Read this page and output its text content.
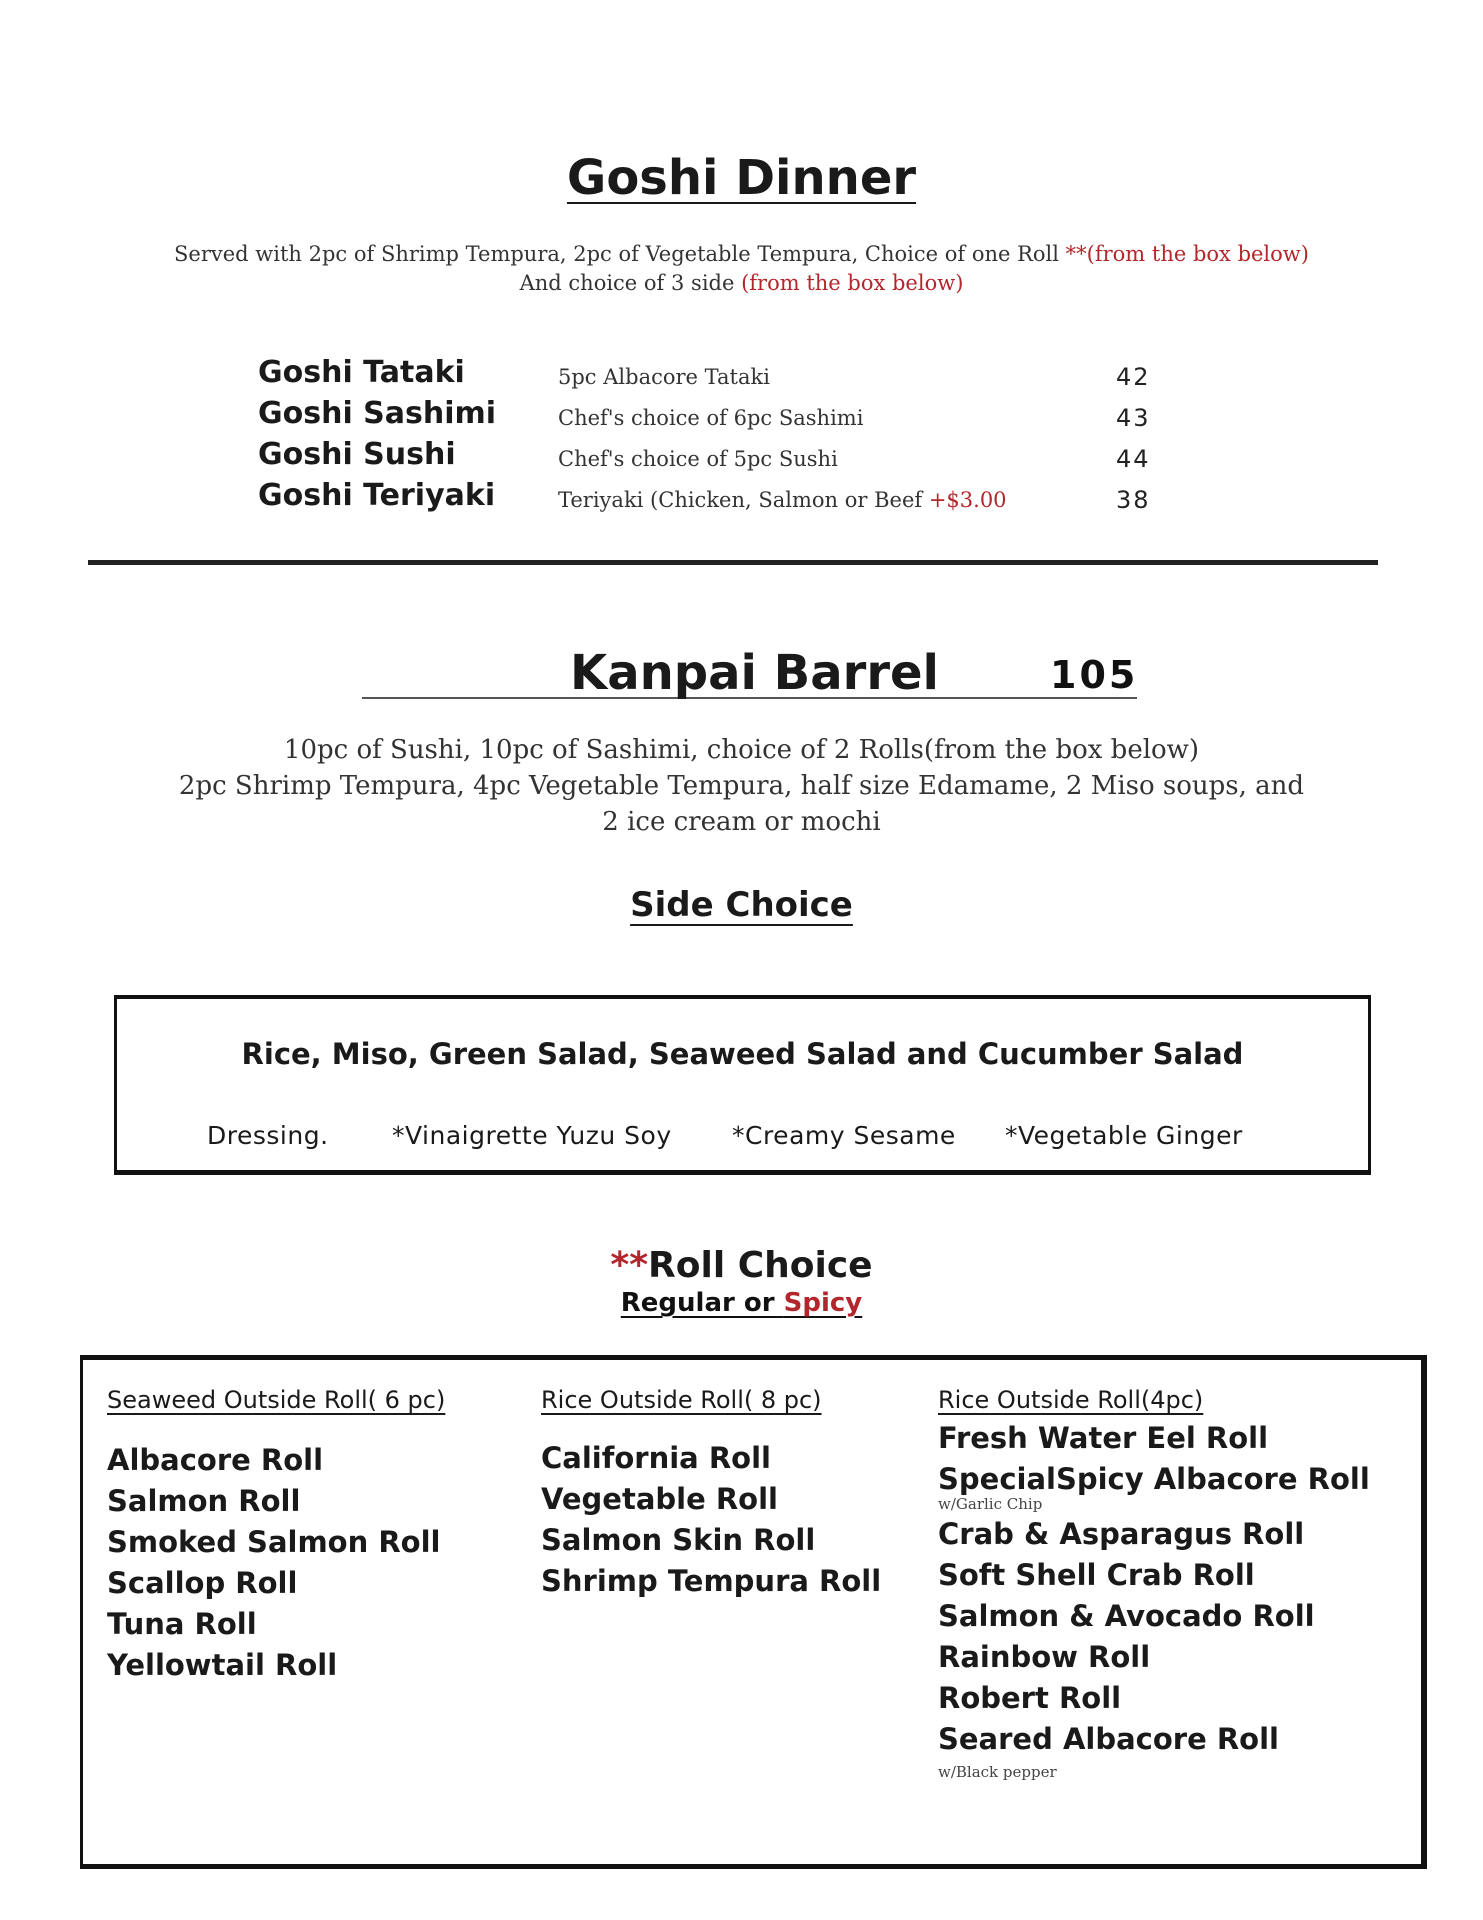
Goshi Dinner
Served with 2pc of Shrimp Tempura, 2pc of Vegetable Tempura, Choice of one Roll **(from the box below)
And choice of 3 side (from the box below)
Goshi Tataki	5pc Albacore Tataki	42
Goshi Sashimi	Chef's choice of 6pc Sashimi	43
Goshi Sushi	Chef's choice of 5pc Sushi	44
Goshi Teriyaki	Teriyaki (Chicken, Salmon or Beef +$3.00	38
Kanpai Barrel	105
10pc of Sushi, 10pc of Sashimi, choice of 2 Rolls(from the box below)
2pc Shrimp Tempura, 4pc Vegetable Tempura, half size Edamame, 2 Miso soups, and
2 ice cream or mochi
Side Choice
Rice, Miso, Green Salad, Seaweed Salad and Cucumber Salad
Dressing.	*Vinaigrette Yuzu Soy *Creamy Sesame *Vegetable Ginger
**Roll Choice
Regular or Spicy
Seaweed Outside Roll( 6 pc)
Albacore Roll
Salmon Roll
Smoked Salmon Roll
Scallop Roll
Tuna Roll
Yellowtail Roll
Rice Outside Roll( 8 pc)
California Roll
Vegetable Roll
Salmon Skin Roll
Shrimp Tempura Roll
Rice Outside Roll(4pc)
Fresh Water Eel Roll
SpecialSpicy Albacore Roll
w/Garlic Chip
Crab & Asparagus Roll
Soft Shell Crab Roll
Salmon & Avocado Roll
Rainbow Roll
Robert Roll
Seared Albacore Roll
w/Black pepper
